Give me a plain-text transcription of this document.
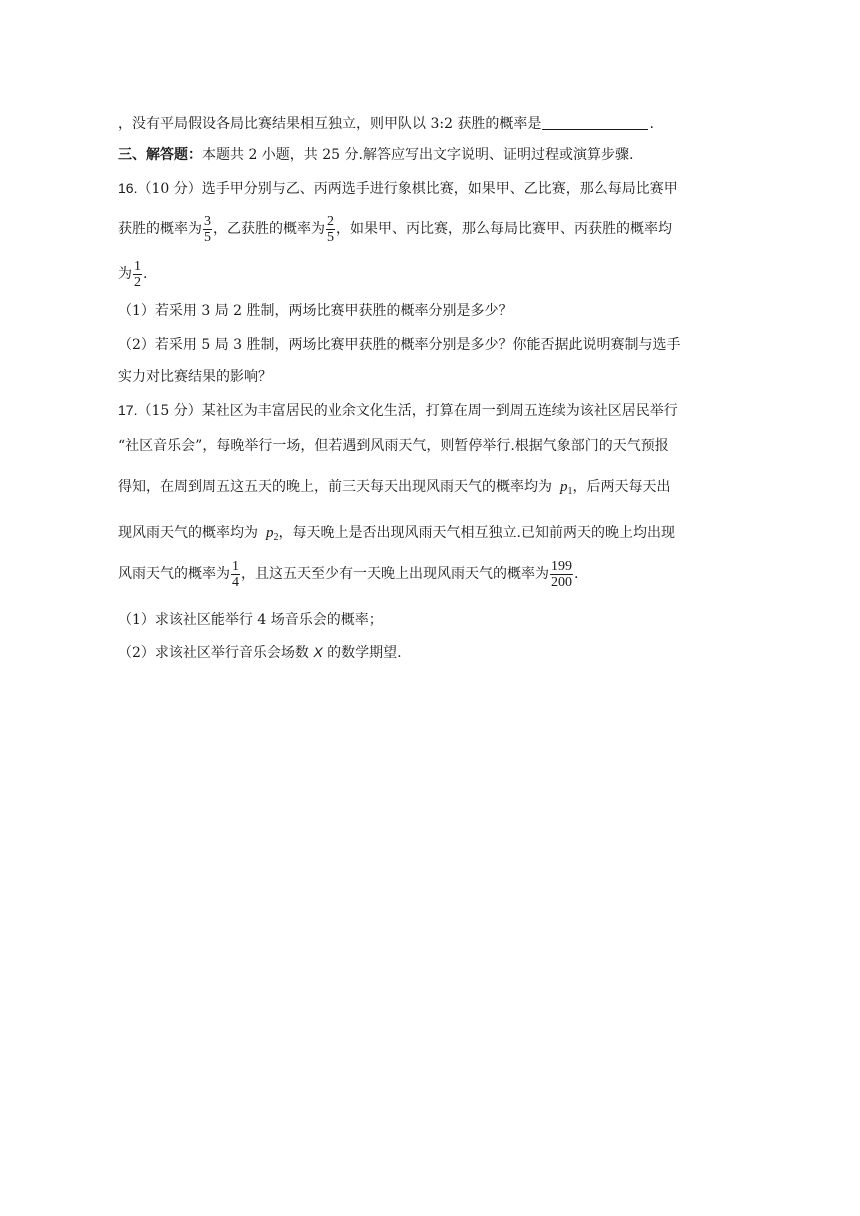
，没有平局假设各局比赛结果相互独立，则甲队以 3:2 获胜的概率是	.
三、解答题：本题共 2 小题，共 25 分.解答应写出文字说明、证明过程或演算步骤.
16.（10 分）选手甲分别与乙、丙两选手进行象棋比赛，如果甲、乙比赛，那么每局比赛甲
获胜的概率为 $\frac{3}{5}$ ，乙获胜的概率为 $\frac{2}{5}$ ，如果甲、丙比赛，那么每局比赛甲、丙获胜的概率均
为 $\frac{1}{2}$ .
（1）若采用 3 局 2 胜制，两场比赛甲获胜的概率分别是多少？
（2）若采用 5 局 3 胜制，两场比赛甲获胜的概率分别是多少？你能否据此说明赛制与选手
实力对比赛结果的影响？
17.（15 分）某社区为丰富居民的业余文化生活，打算在周一到周五连续为该社区居民举行
“社区音乐会”，每晚举行一场，但若遇到风雨天气，则暂停举行.根据气象部门的天气预报
得知，在周到周五这五天的晚上，前三天每天出现风雨天气的概率均为 $p_1$，后两天每天出
现风雨天气的概率均为 $p_2$，每天晚上是否出现风雨天气相互独立.已知前两天的晚上均出现
风雨天气的概率为 $\frac{1}{4}$ ，且这五天至少有一天晚上出现风雨天气的概率为 $\frac{199}{200}$ .
（1）求该社区能举行 4 场音乐会的概率；
（2）求该社区举行音乐会场数 X 的数学期望.
